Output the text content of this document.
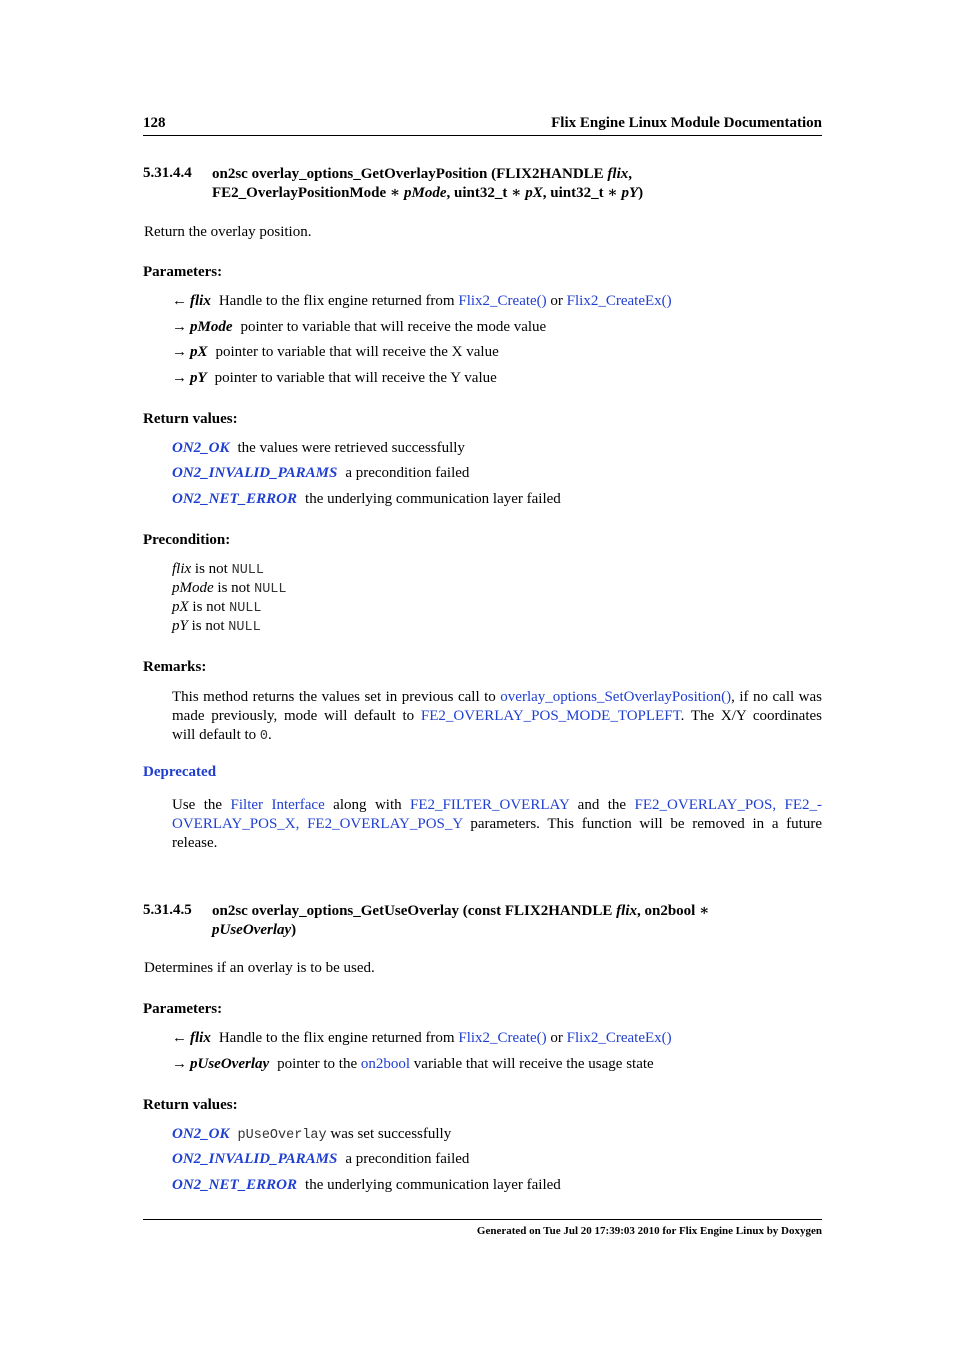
128	Flix Engine Linux Module Documentation
5.31.4.4 on2sc overlay_options_GetOverlayPosition (FLIX2HANDLE flix,
FE2_OverlayPositionMode ∗ pMode, uint32_t ∗ pX, uint32_t ∗ pY)
Return the overlay position.
Parameters:
← flix Handle to the flix engine returned from Flix2_Create() or Flix2_CreateEx()
→ pMode pointer to variable that will receive the mode value
→ pX pointer to variable that will receive the X value
→ pY pointer to variable that will receive the Y value
Return values:
ON2_OK the values were retrieved successfully
ON2_INVALID_PARAMS a precondition failed
ON2_NET_ERROR the underlying communication layer failed
Precondition:
flix is not NULL
pMode is not NULL
pX is not NULL
pY is not NULL
Remarks:
This method returns the values set in previous call to overlay_options_SetOverlayPosition(), if no call was made previously, mode will default to FE2_OVERLAY_POS_MODE_TOPLEFT. The X/Y coordinates will default to 0.
Deprecated
Use the Filter Interface along with FE2_FILTER_OVERLAY and the FE2_OVERLAY_POS, FE2_-OVERLAY_POS_X, FE2_OVERLAY_POS_Y parameters. This function will be removed in a future release.
5.31.4.5 on2sc overlay_options_GetUseOverlay (const FLIX2HANDLE flix, on2bool ∗
pUseOverlay)
Determines if an overlay is to be used.
Parameters:
← flix Handle to the flix engine returned from Flix2_Create() or Flix2_CreateEx()
→ pUseOverlay pointer to the on2bool variable that will receive the usage state
Return values:
ON2_OK pUseOverlay was set successfully
ON2_INVALID_PARAMS a precondition failed
ON2_NET_ERROR the underlying communication layer failed
Generated on Tue Jul 20 17:39:03 2010 for Flix Engine Linux by Doxygen
